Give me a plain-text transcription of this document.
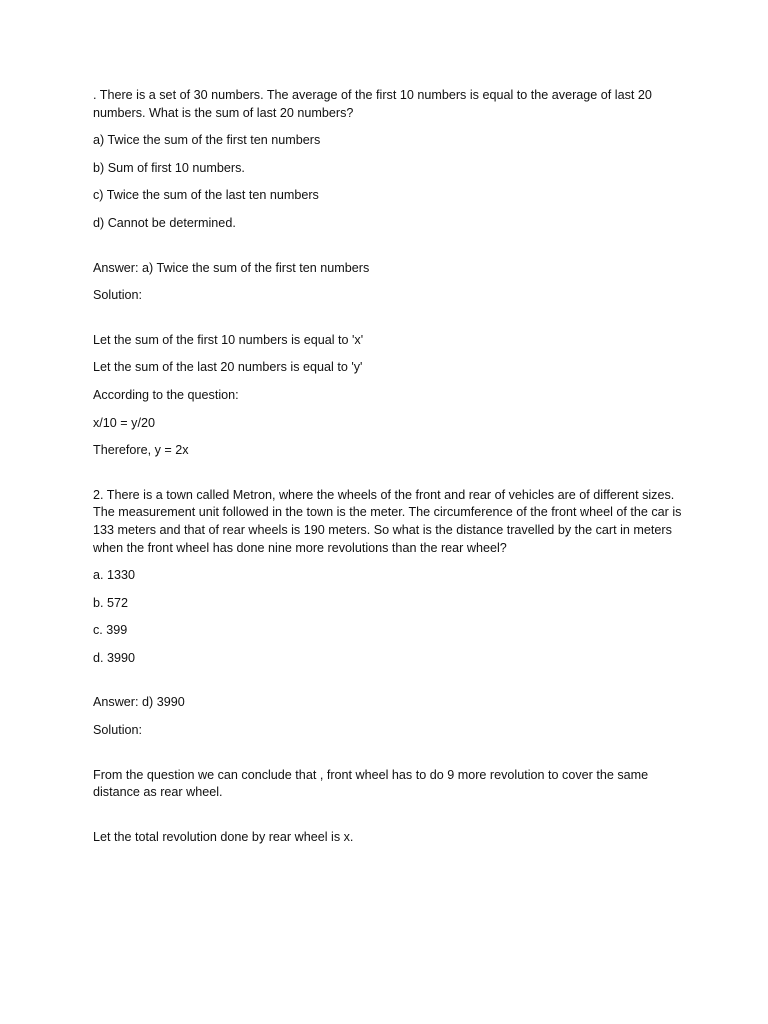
. There is a set of 30 numbers. The average of the first 10 numbers is equal to the average of last 20 numbers. What is the sum of last 20 numbers?

a) Twice the sum of the first ten numbers

b) Sum of first 10 numbers.

c) Twice the sum of the last ten numbers

d) Cannot be determined.

Answer: a) Twice the sum of the first ten numbers

Solution:

Let the sum of the first 10 numbers is equal to 'x'

Let the sum of the last 20 numbers is equal to 'y'

According to the question:

x/10 = y/20

Therefore, y = 2x

2. There is a town called Metron, where the wheels of the front and rear of vehicles are of different sizes. The measurement unit followed in the town is the meter. The circumference of the front wheel of the car is 133 meters and that of rear wheels is 190 meters. So what is the distance travelled by the cart in meters when the front wheel has done nine more revolutions than the rear wheel?

a. 1330

b. 572

c. 399

d. 3990

Answer: d) 3990

Solution:

From the question we can conclude that , front wheel has to do 9 more revolution to cover the same distance as rear wheel.

Let the total revolution done by rear wheel is x.
